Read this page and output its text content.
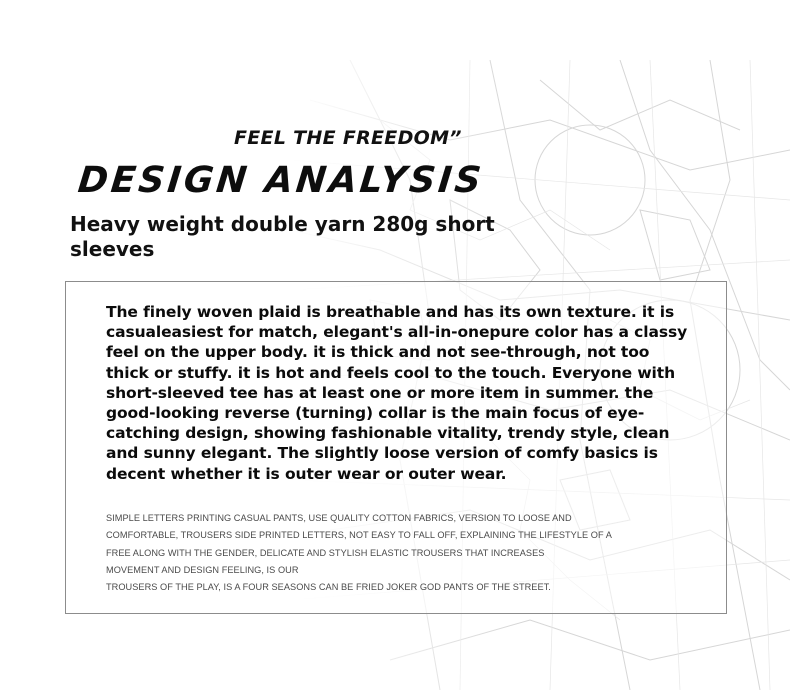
FEEL THE FREEDOM”
DESIGN ANALYSIS
Heavy weight double yarn 280g short sleeves
The finely woven plaid is breathable and has its own texture. it is casualeasiest for match, elegant's all-in-onepure color has a classy feel on the upper body. it is thick and not see-through, not too thick or stuffy. it is hot and feels cool to the touch. Everyone with short-sleeved tee has at least one or more item in summer. the good-looking reverse (turning) collar is the main focus of eye-catching design, showing fashionable vitality, trendy style, clean and sunny elegant. The slightly loose version of comfy basics is decent whether it is outer wear or outer wear.
SIMPLE LETTERS PRINTING CASUAL PANTS, USE QUALITY COTTON FABRICS, VERSION TO LOOSE AND
COMFORTABLE, TROUSERS SIDE PRINTED LETTERS, NOT EASY TO FALL OFF, EXPLAINING THE LIFESTYLE OF A
FREE ALONG WITH THE GENDER, DELICATE AND STYLISH ELASTIC TROUSERS THAT INCREASES
MOVEMENT AND DESIGN FEELING, IS OUR
TROUSERS OF THE PLAY, IS A FOUR SEASONS CAN BE FRIED JOKER GOD PANTS OF THE STREET.
